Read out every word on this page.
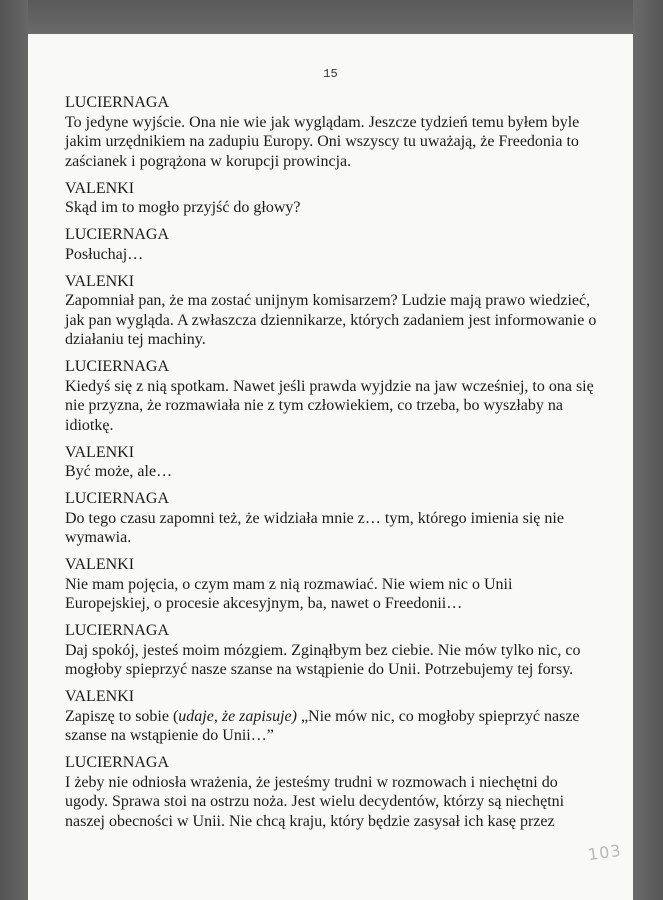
15
LUCIERNAGA
To jedyne wyjście. Ona nie wie jak wyglądam. Jeszcze tydzień temu byłem byle jakim urzędnikiem na zadupiu Europy. Oni wszyscy tu uważają, że Freedonia to zaścianek i pogrążona w korupcji prowincja.
VALENKI
Skąd im to mogło przyjść do głowy?
LUCIERNAGA
Posłuchaj…
VALENKI
Zapomniał pan, że ma zostać unijnym komisarzem? Ludzie mają prawo wiedzieć, jak pan wygląda. A zwłaszcza dziennikarze, których zadaniem jest informowanie o działaniu tej machiny.
LUCIERNAGA
Kiedyś się z nią spotkam. Nawet jeśli prawda wyjdzie na jaw wcześniej, to ona się nie przyzna, że rozmawiała nie z tym człowiekiem, co trzeba, bo wyszłaby na idiotkę.
VALENKI
Być może, ale…
LUCIERNAGA
Do tego czasu zapomni też, że widziała mnie z… tym, którego imienia się nie wymawia.
VALENKI
Nie mam pojęcia, o czym mam z nią rozmawiać. Nie wiem nic o Unii Europejskiej, o procesie akcesyjnym, ba, nawet o Freedonii…
LUCIERNAGA
Daj spokój, jesteś moim mózgiem. Zginąłbym bez ciebie. Nie mów tylko nic, co mogłoby spieprzyć nasze szanse na wstąpienie do Unii. Potrzebujemy tej forsy.
VALENKI
Zapiszę to sobie (udaje, że zapisuje) „Nie mów nic, co mogłoby spieprzyć nasze szanse na wstąpienie do Unii…”
LUCIERNAGA
I żeby nie odniosła wrażenia, że jesteśmy trudni w rozmowach i niechętni do ugody. Sprawa stoi na ostrzu noża. Jest wielu decydentów, którzy są niechętni naszej obecności w Unii. Nie chcą kraju, który będzie zasysał ich kasę przez
103
